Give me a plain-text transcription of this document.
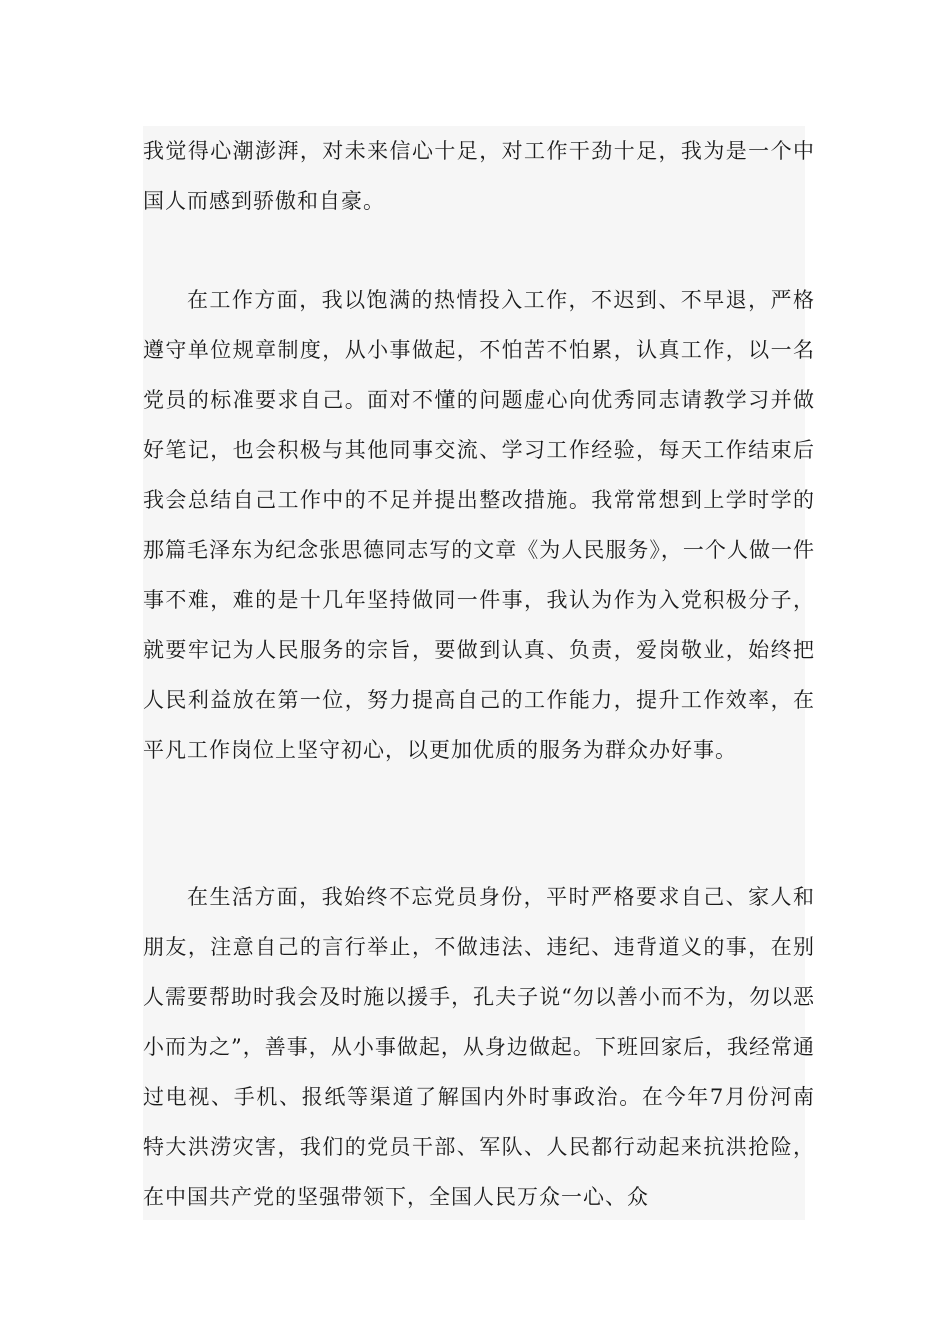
我觉得心潮澎湃，对未来信心十足，对工作干劲十足，我为是一个中国人而感到骄傲和自豪。

在工作方面，我以饱满的热情投入工作，不迟到、不早退，严格遵守单位规章制度，从小事做起，不怕苦不怕累，认真工作，以一名党员的标准要求自己。面对不懂的问题虚心向优秀同志请教学习并做好笔记，也会积极与其他同事交流、学习工作经验，每天工作结束后我会总结自己工作中的不足并提出整改措施。我常常想到上学时学的那篇毛泽东为纪念张思德同志写的文章《为人民服务》，一个人做一件事不难，难的是十几年坚持做同一件事，我认为作为入党积极分子，就要牢记为人民服务的宗旨，要做到认真、负责，爱岗敬业，始终把人民利益放在第一位，努力提高自己的工作能力，提升工作效率，在平凡工作岗位上坚守初心，以更加优质的服务为群众办好事。

在生活方面，我始终不忘党员身份，平时严格要求自己、家人和朋友，注意自己的言行举止，不做违法、违纪、违背道义的事，在别人需要帮助时我会及时施以援手，孔夫子说“勿以善小而不为，勿以恶小而为之”，善事，从小事做起，从身边做起。下班回家后，我经常通过电视、手机、报纸等渠道了解国内外时事政治。在今年7月份河南特大洪涝灾害，我们的党员干部、军队、人民都行动起来抗洪抢险，在中国共产党的坚强带领下，全国人民万众一心、众
